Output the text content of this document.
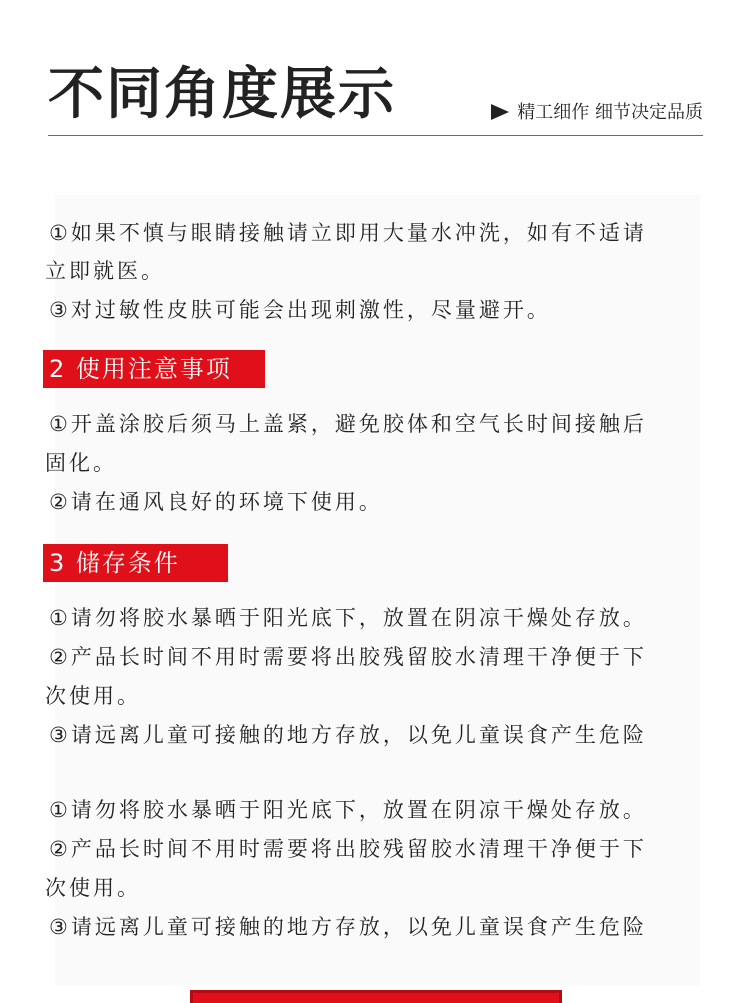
不同角度展示	精工细作 细节决定品质
①如果不慎与眼睛接触请立即用大量水冲洗，如有不适请
立即就医。
③对过敏性皮肤可能会出现刺激性，尽量避开。
2 使用注意事项
①开盖涂胶后须马上盖紧，避免胶体和空气长时间接触后
固化。
②请在通风良好的环境下使用。
3 储存条件
①请勿将胶水暴晒于阳光底下，放置在阴凉干燥处存放。
②产品长时间不用时需要将出胶残留胶水清理干净便于下
次使用。
③请远离儿童可接触的地方存放，以免儿童误食产生危险
①请勿将胶水暴晒于阳光底下，放置在阴凉干燥处存放。
②产品长时间不用时需要将出胶残留胶水清理干净便于下
次使用。
③请远离儿童可接触的地方存放，以免儿童误食产生危险
